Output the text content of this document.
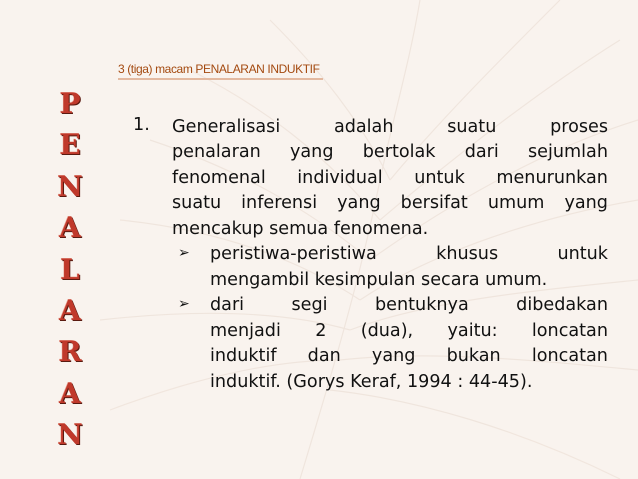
P
E
N
A
L
A
R
A
N
3 (tiga) macam PENALARAN INDUKTIF
1. Generalisasi	adalah	suatu	proses
penalaran yang bertolak dari sejumlah
fenomenal individual untuk menurunkan
suatu inferensi yang bersifat umum yang
mencakup semua fenomena.
➢ peristiwa-peristiwa	khusus	untuk
mengambil kesimpulan secara umum.
➢ dari	segi	bentuknya	dibedakan
menjadi 2 (dua), yaitu: loncatan
induktif dan yang bukan loncatan
induktif. (Gorys Keraf, 1994 : 44-45).
